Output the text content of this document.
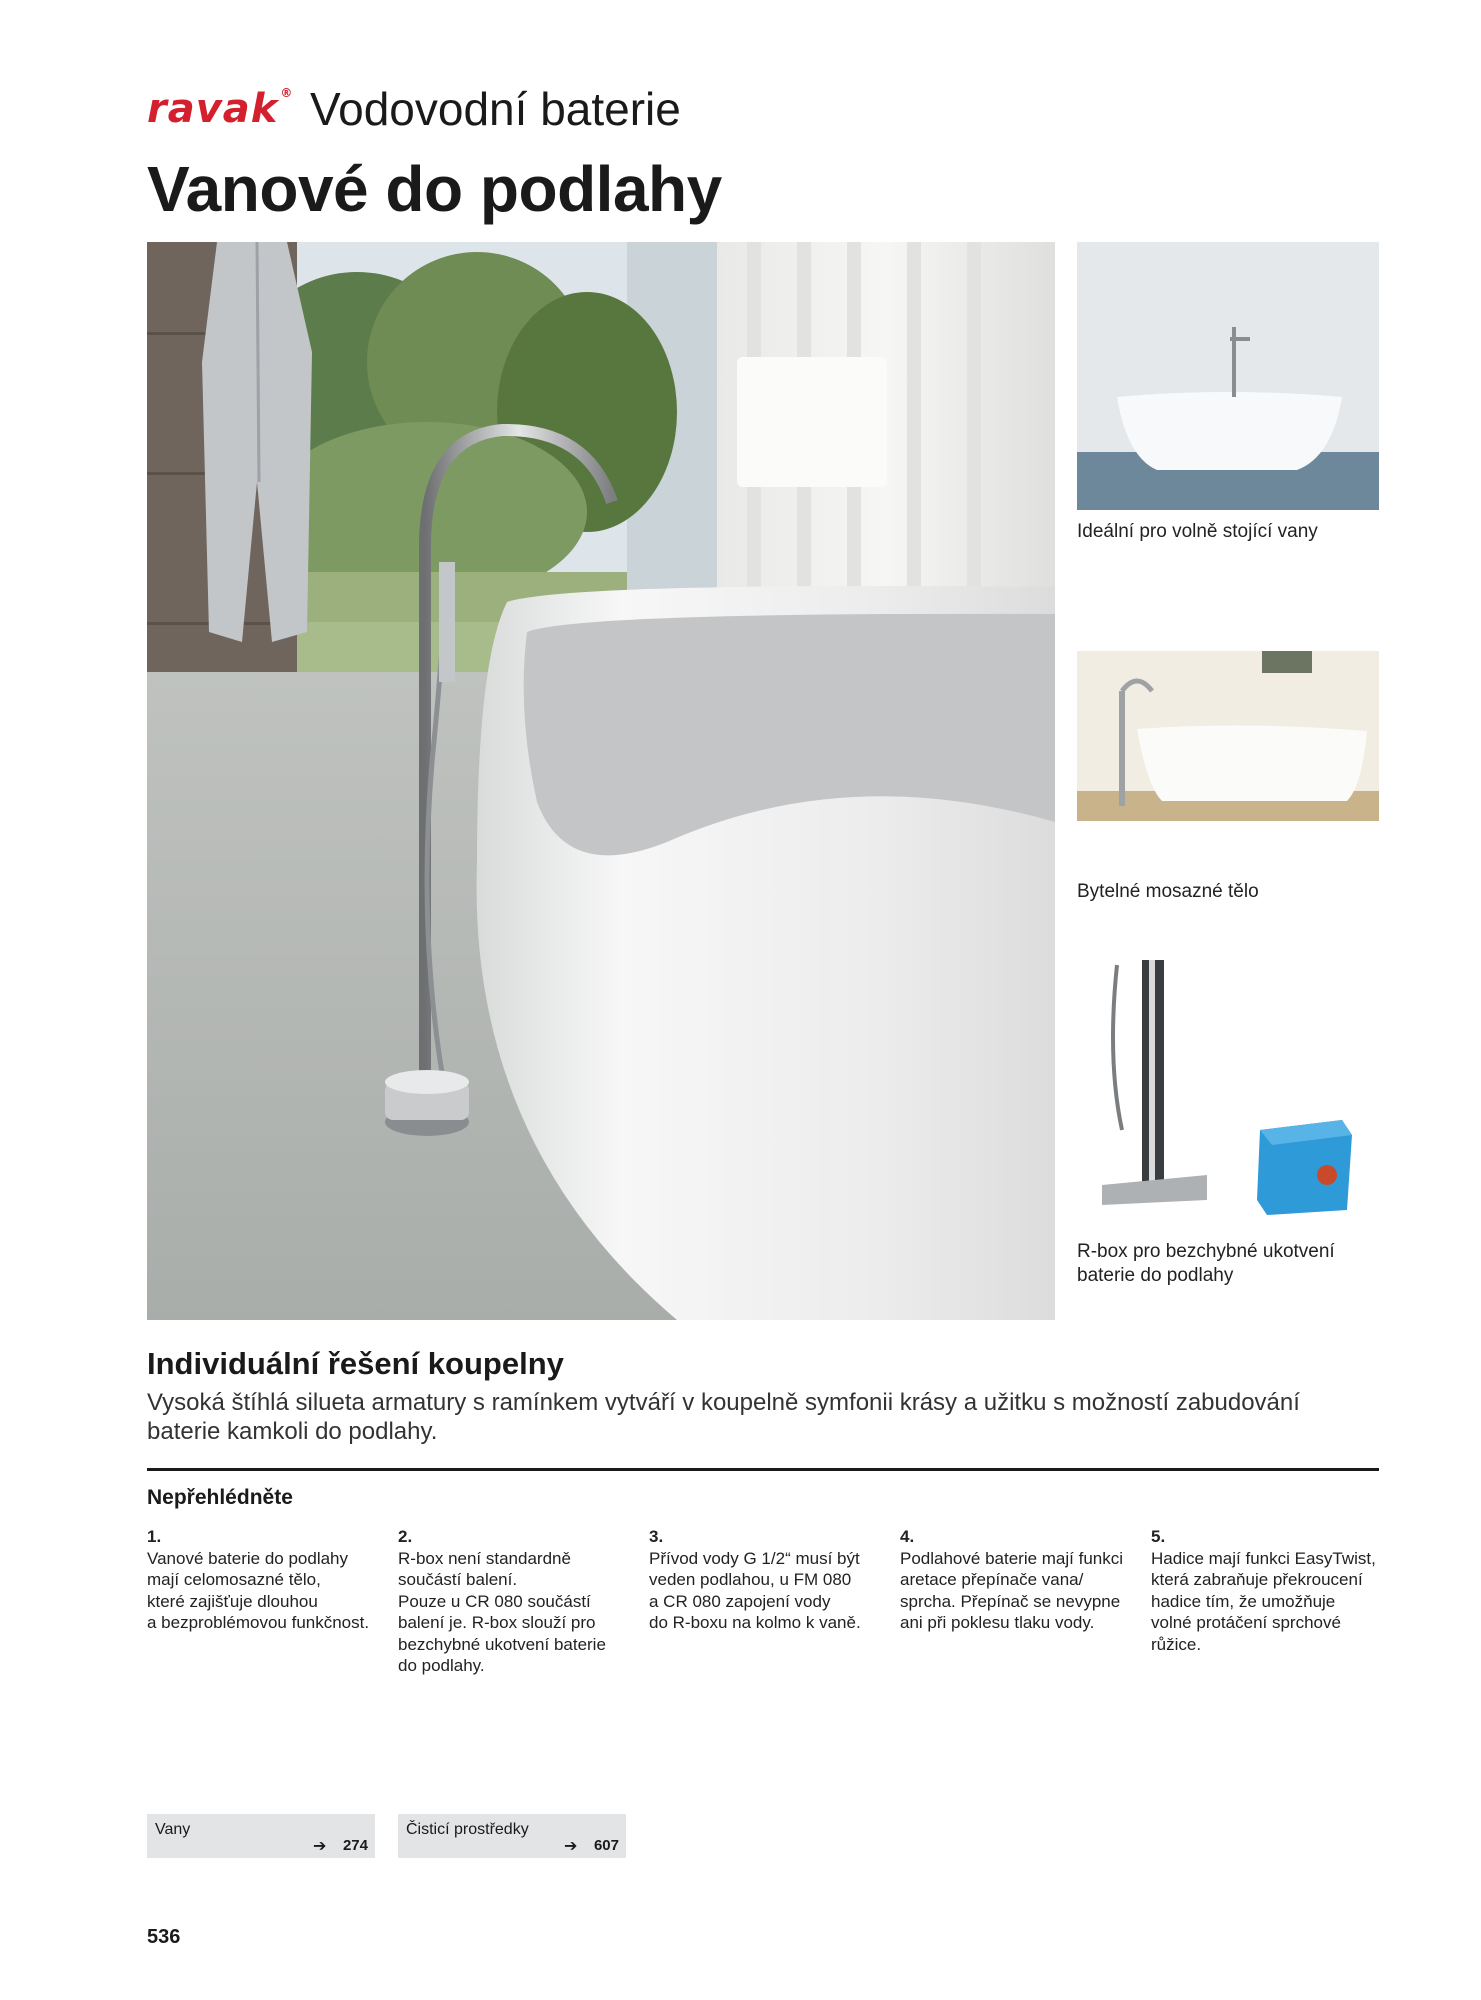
ravak ® Vodovodní baterie
Vanové do podlahy
Ideální pro volně stojící vany
Bytelné mosazné tělo
R-box pro bezchybné ukotvení
baterie do podlahy
Individuální řešení koupelny
Vysoká štíhlá silueta armatury s ramínkem vytváří v koupelně symfonii krásy a užitku s možností zabudování baterie kamkoli do podlahy.
Nepřehlédněte
1.
Vanové baterie do podlahy
mají celomosazné tělo,
které zajišťuje dlouhou
a bezproblémovou funkčnost.
2.
R-box není standardně
součástí balení.
Pouze u CR 080 součástí
balení je. R-box slouží pro
bezchybné ukotvení baterie
do podlahy.
3.
Přívod vody G 1/2“ musí být
veden podlahou, u FM 080
a CR 080 zapojení vody
do R-boxu na kolmo k vaně.
4.
Podlahové baterie mají funkci
aretace přepínače vana/
sprcha. Přepínač se nevypne
ani při poklesu tlaku vody.
5.
Hadice mají funkci EasyTwist,
která zabraňuje překroucení
hadice tím, že umožňuje
volné protáčení sprchové
růžice.
Vany
➔ 274
Čisticí prostředky
➔ 607
536
